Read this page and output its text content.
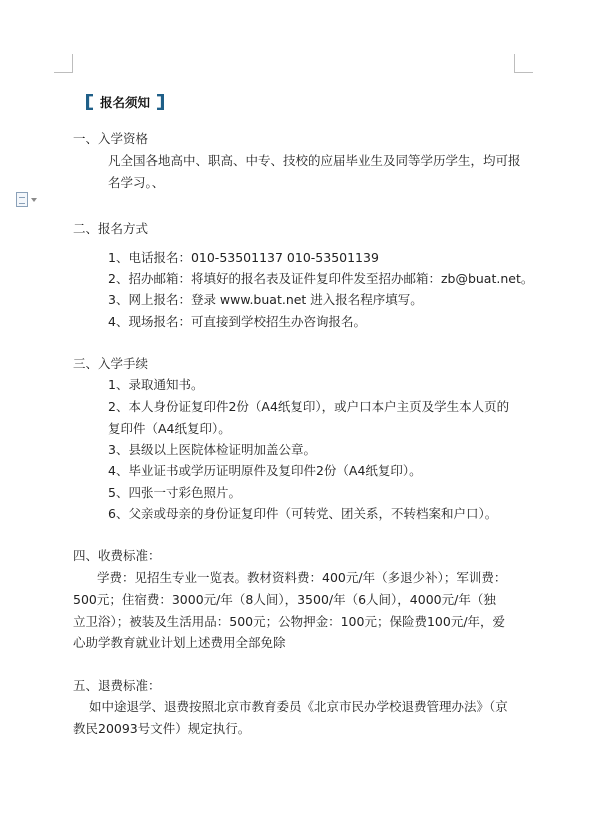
报名须知
一、入学资格
凡全国各地高中、职高、中专、技校的应届毕业生及同等学历学生，均可报
名学习。、
二、报名方式
1、电话报名：010-53501137 010-53501139
2、招办邮箱：将填好的报名表及证件复印件发至招办邮箱：zb@buat.net。
3、网上报名：登录 www.buat.net 进入报名程序填写。
4、现场报名：可直接到学校招生办咨询报名。
三、入学手续
1、录取通知书。
2、本人身份证复印件2份（A4纸复印），或户口本户主页及学生本人页的
复印件（A4纸复印）。
3、县级以上医院体检证明加盖公章。
4、毕业证书或学历证明原件及复印件2份（A4纸复印）。
5、四张一寸彩色照片。
6、父亲或母亲的身份证复印件（可转党、团关系，不转档案和户口）。
四、收费标准：
学费：见招生专业一览表。教材资料费：400元/年（多退少补）；军训费：
500元；住宿费：3000元/年（8人间），3500/年（6人间），4000元/年（独
立卫浴）；被装及生活用品：500元；公物押金：100元；保险费100元/年，爱
心助学教育就业计划上述费用全部免除
五、退费标准：
如中途退学、退费按照北京市教育委员《北京市民办学校退费管理办法》（京
教民20093号文件）规定执行。
